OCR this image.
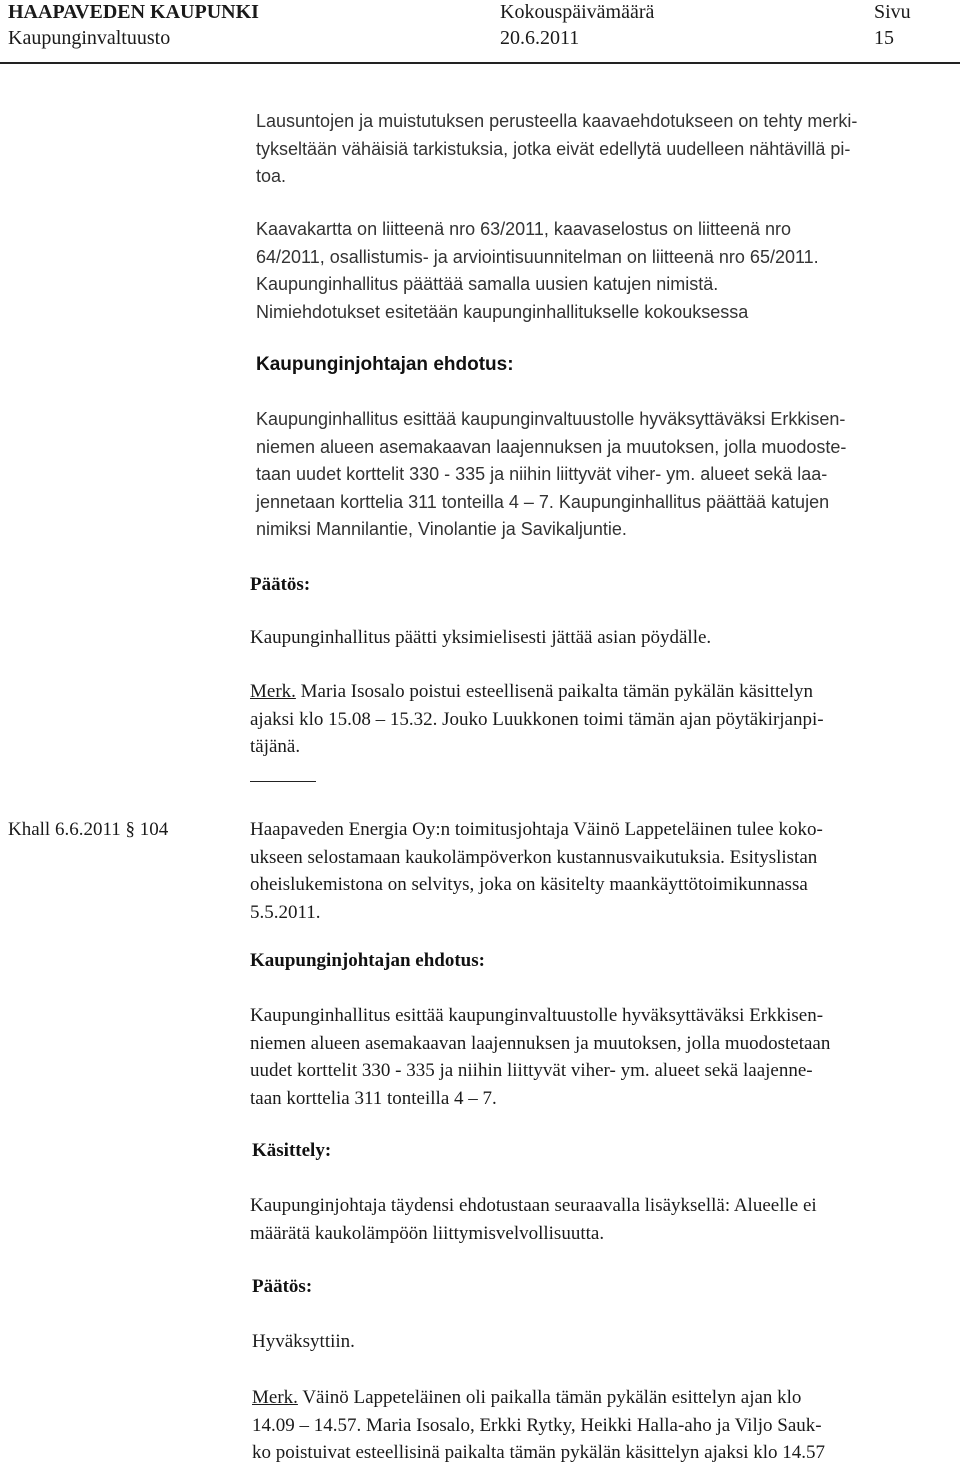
HAAPAVEDEN KAUPUNKI
Kaupunginvaltuusto
Kokouspäivämäärä
20.6.2011
Sivu
15

Lausuntojen ja muistutuksen perusteella kaavaehdotukseen on tehty merki-

tykseltään vähäisiä tarkistuksia, jotka eivät edellytä uudelleen nähtävillä pi-

toa.

Kaavakartta on liitteenä nro 63/2011, kaavaselostus on liitteenä nro

64/2011, osallistumis- ja arviointisuunnitelman on liitteenä nro 65/2011.

Kaupunginhallitus päättää samalla uusien katujen nimistä.

Nimiehdotukset esitetään kaupunginhallitukselle kokouksessa

Kaupunginjohtajan ehdotus:

Kaupunginhallitus esittää kaupunginvaltuustolle hyväksyttäväksi Erkkisen-

niemen alueen asemakaavan laajennuksen ja muutoksen, jolla muodoste-

taan uudet korttelit 330 - 335 ja niihin liittyvät viher- ym. alueet sekä laa-

jennetaan korttelia 311 tonteilla 4 – 7. Kaupunginhallitus päättää katujen

nimiksi Mannilantie, Vinolantie ja Savikaljuntie.

Päätös:
Kaupunginhallitus päätti yksimielisesti jättää asian pöydälle.

Merk. Maria Isosalo poistui esteellisenä paikalta tämän pykälän käsittelyn

ajaksi klo 15.08 – 15.32. Jouko Luukkonen toimi tämän ajan pöytäkirjanpi-

täjänä.

Khall 6.6.2011 § 104	Haapaveden Energia Oy:n toimitusjohtaja Väinö Lappeteläinen tulee koko-

ukseen selostamaan kaukolämpöverkon kustannusvaikutuksia. Esityslistan

oheislukemistona on selvitys, joka on käsitelty maankäyttötoimikunnassa

5.5.2011.

Kaupunginjohtajan ehdotus:

Kaupunginhallitus esittää kaupunginvaltuustolle hyväksyttäväksi Erkkisen-

niemen alueen asemakaavan laajennuksen ja muutoksen, jolla muodostetaan

uudet korttelit 330 - 335 ja niihin liittyvät viher- ym. alueet sekä laajenne-

taan korttelia 311 tonteilla 4 – 7.

Käsittely:

Kaupunginjohtaja täydensi ehdotustaan seuraavalla lisäyksellä: Alueelle ei

määrätä kaukolämpöön liittymisvelvollisuutta.

Päätös:
Hyväksyttiin.

Merk. Väinö Lappeteläinen oli paikalla tämän pykälän esittelyn ajan klo

14.09 – 14.57. Maria Isosalo, Erkki Rytky, Heikki Halla-aho ja Viljo Sauk-

ko poistuivat esteellisinä paikalta tämän pykälän käsittelyn ajaksi klo 14.57
